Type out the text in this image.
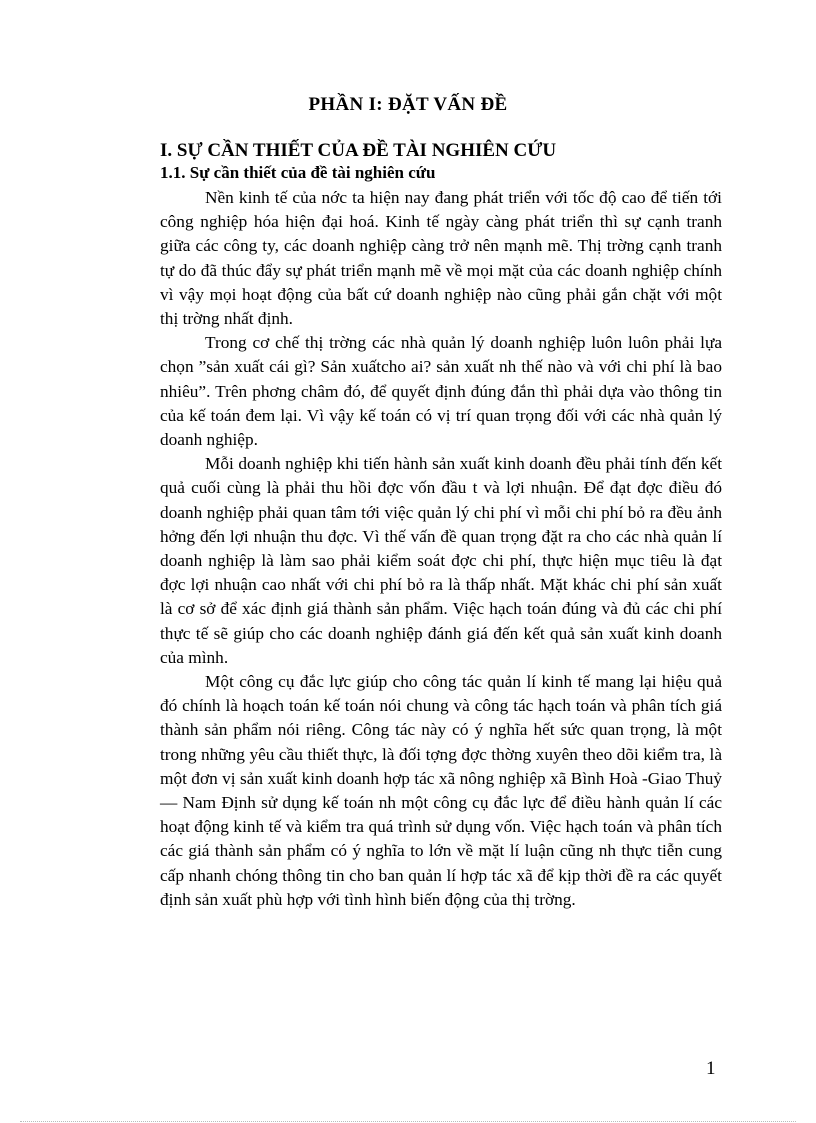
PHẦN I: ĐẶT VẤN ĐỀ
I. SỰ CẦN THIẾT CỦA ĐỀ TÀI NGHIÊN CỨU
1.1. Sự cần thiết của đề tài nghiên cứu

Nền kinh tế của nớc ta hiện nay đang phát triển với tốc độ cao để tiến tới công nghiệp hóa hiện đại hoá. Kinh tế ngày càng phát triển thì sự cạnh tranh giữa các công ty, các doanh nghiệp càng trở nên mạnh mẽ. Thị trờng cạnh tranh tự do đã thúc đẩy sự phát triển mạnh mẽ về mọi mặt của các doanh nghiệp chính vì vậy mọi hoạt động của bất cứ doanh nghiệp nào cũng phải gắn chặt với một thị trờng nhất định.

Trong cơ chế thị trờng các nhà quản lý doanh nghiệp luôn luôn phải lựa chọn ”sản xuất cái gì? Sản xuấtcho ai? sản xuất nh thế nào và với chi phí là bao nhiêu”. Trên phơng châm đó, để quyết định đúng đắn thì phải dựa vào thông tin của kế toán đem lại. Vì vậy kế toán có vị trí quan trọng đối với các nhà quản lý doanh nghiệp.

Mỗi doanh nghiệp khi tiến hành sản xuất kinh doanh đều phải tính đến kết quả cuối cùng là phải thu hồi đợc vốn đầu t và lợi nhuận. Để đạt đợc điều đó doanh nghiệp phải quan tâm tới việc quản lý chi phí vì mỗi chi phí bỏ ra đều ảnh hởng đến lợi nhuận thu đợc. Vì thế vấn đề quan trọng đặt ra cho các nhà quản lí doanh nghiệp là làm sao phải kiểm soát đợc chi phí, thực hiện mục tiêu là đạt đợc lợi nhuận cao nhất với chi phí bỏ ra là thấp nhất. Mặt khác chi phí sản xuất là cơ sở để xác định giá thành sản phẩm. Việc hạch toán đúng và đủ các chi phí thực tế sẽ giúp cho các doanh nghiệp đánh giá đến kết quả sản xuất kinh doanh của mình.

Một công cụ đắc lực giúp cho công tác quản lí kinh tế mang lại hiệu quả đó chính là hoạch toán kế toán nói chung và công tác hạch toán và phân tích giá thành sản phẩm nói riêng. Công tác này có ý nghĩa hết sức quan trọng, là một trong những yêu cầu thiết thực, là đối tợng đợc thờng xuyên theo dõi kiểm tra, là một đơn vị sản xuất kinh doanh hợp tác xã nông nghiệp xã Bình Hoà -Giao Thuỷ — Nam Định sử dụng kế toán nh một công cụ đắc lực để điều hành quản lí các hoạt động kinh tế và kiểm tra quá trình sử dụng vốn. Việc hạch toán và phân tích các giá thành sản phẩm có ý nghĩa to lớn về mặt lí luận cũng nh thực tiễn cung cấp nhanh chóng thông tin cho ban quản lí hợp tác xã để kịp thời đề ra các quyết định sản xuất phù hợp với tình hình biến động của thị trờng.

1
